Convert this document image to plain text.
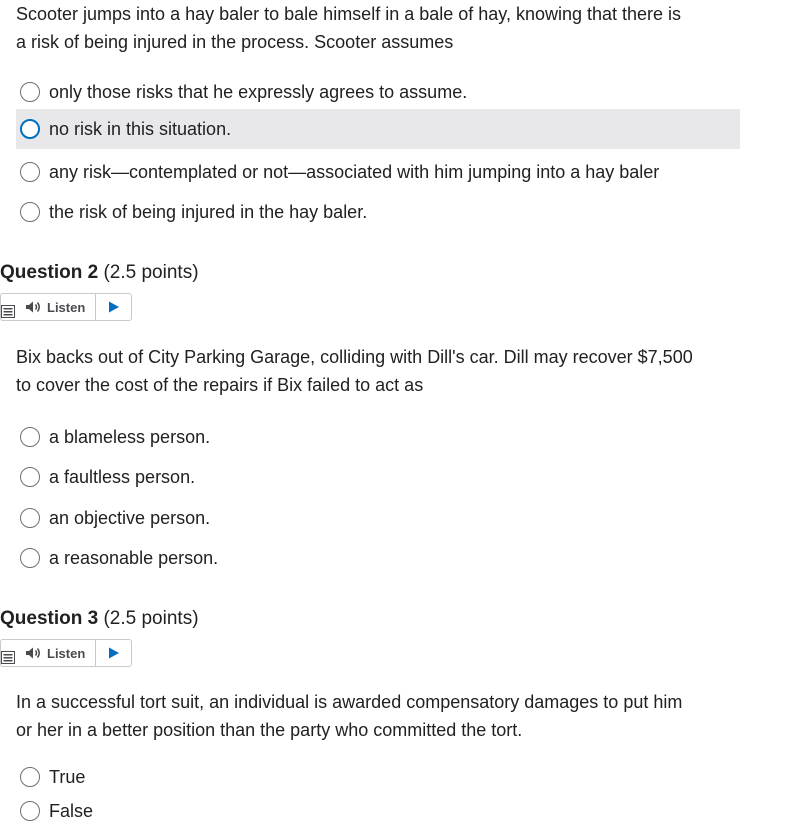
Scooter jumps into a hay baler to bale himself in a bale of hay, knowing that there is
a risk of being injured in the process. Scooter assumes
only those risks that he expressly agrees to assume.
no risk in this situation.
any risk—contemplated or not—associated with him jumping into a hay baler
the risk of being injured in the hay baler.
Question 2 (2.5 points)
Listen
Bix backs out of City Parking Garage, colliding with Dill's car. Dill may recover $7,500
to cover the cost of the repairs if Bix failed to act as
a blameless person.
a faultless person.
an objective person.
a reasonable person.
Question 3 (2.5 points)
Listen
In a successful tort suit, an individual is awarded compensatory damages to put him
or her in a better position than the party who committed the tort.
True
False
